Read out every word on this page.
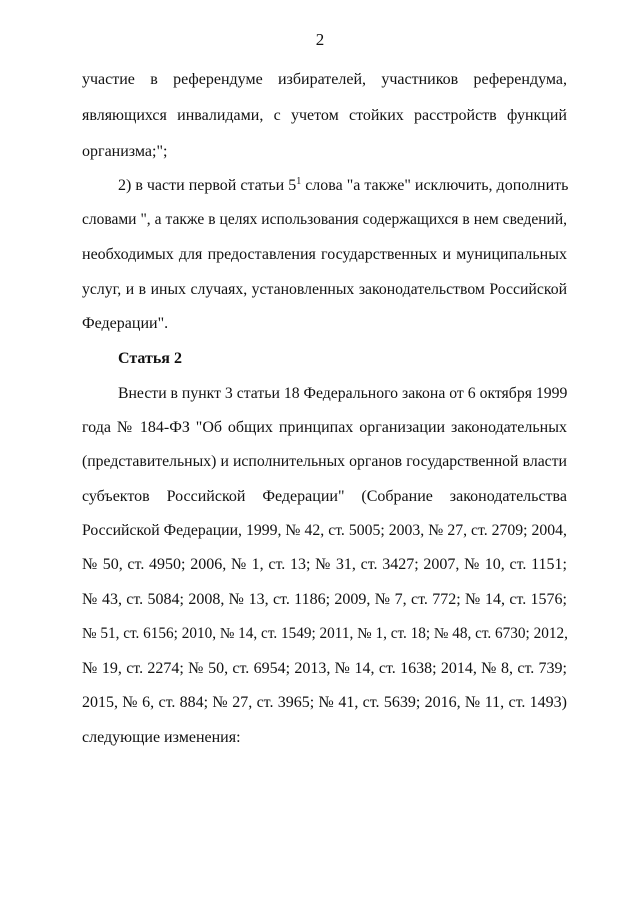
2
участие в референдуме избирателей, участников референдума,
являющихся инвалидами, с учетом стойких расстройств функций
организма;";
2) в части первой статьи $5^1$ слова "а также" исключить, дополнить
словами ", а также в целях использования содержащихся в нем сведений,
необходимых для предоставления государственных и муниципальных
услуг, и в иных случаях, установленных законодательством Российской
Федерации".
Статья 2
Внести в пункт 3 статьи 18 Федерального закона от 6 октября 1999
года № 184-ФЗ "Об общих принципах организации законодательных
(представительных) и исполнительных органов государственной власти
субъектов Российской Федерации" (Собрание законодательства
Российской Федерации, 1999, № 42, ст. 5005; 2003, № 27, ст. 2709; 2004,
№ 50, ст. 4950; 2006, № 1, ст. 13; № 31, ст. 3427; 2007, № 10, ст. 1151;
№ 43, ст. 5084; 2008, № 13, ст. 1186; 2009, № 7, ст. 772; № 14, ст. 1576;
№ 51, ст. 6156; 2010, № 14, ст. 1549; 2011, № 1, ст. 18; № 48, ст. 6730; 2012,
№ 19, ст. 2274; № 50, ст. 6954; 2013, № 14, ст. 1638; 2014, № 8, ст. 739;
2015, № 6, ст. 884; № 27, ст. 3965; № 41, ст. 5639; 2016, № 11, ст. 1493)
следующие изменения:
